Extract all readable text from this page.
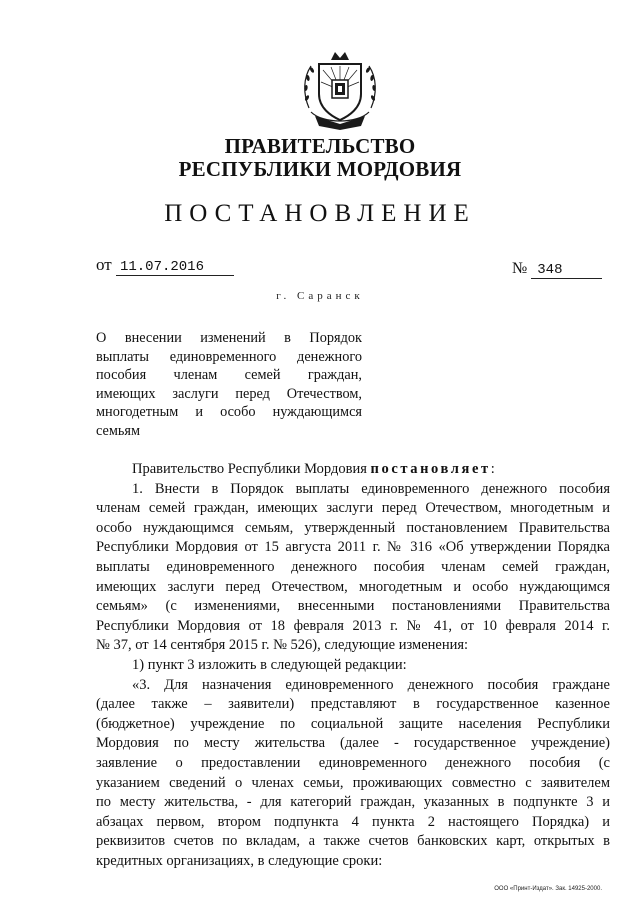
ПРАВИТЕЛЬСТВО
РЕСПУБЛИКИ МОРДОВИЯ
ПОСТАНОВЛЕНИЕ
от 11.07.2016	№ 348
г. Саранск
О внесении изменений в Порядок
выплаты единовременного денежного
пособия членам семей граждан,
имеющих заслуги перед Отечеством,
многодетным и особо нуждающимся
семьям
Правительство Республики Мордовия постановляет:
1. Внести в Порядок выплаты единовременного денежного пособия
членам семей граждан, имеющих заслуги перед Отечеством, многодетным и
особо нуждающимся семьям, утвержденный постановлением Правительства
Республики Мордовия от 15 августа 2011 г. № 316 «Об утверждении Порядка
выплаты единовременного денежного пособия членам семей граждан,
имеющих заслуги перед Отечеством, многодетным и особо нуждающимся
семьям» (с изменениями, внесенными постановлениями Правительства
Республики Мордовия от 18 февраля 2013 г. № 41, от 10 февраля 2014 г.
№ 37, от 14 сентября 2015 г. № 526), следующие изменения:
1) пункт 3 изложить в следующей редакции:
«3. Для назначения единовременного денежного пособия граждане
(далее также – заявители) представляют в государственное казенное
(бюджетное) учреждение по социальной защите населения Республики
Мордовия по месту жительства (далее - государственное учреждение)
заявление о предоставлении единовременного денежного пособия (с
указанием сведений о членах семьи, проживающих совместно с заявителем
по месту жительства, - для категорий граждан, указанных в подпункте 3 и
абзацах первом, втором подпункта 4 пункта 2 настоящего Порядка) и
реквизитов счетов по вкладам, а также счетов банковских карт, открытых в
кредитных организациях, в следующие сроки:
ООО «Принт-Издат». Зак. 14925-2000.
